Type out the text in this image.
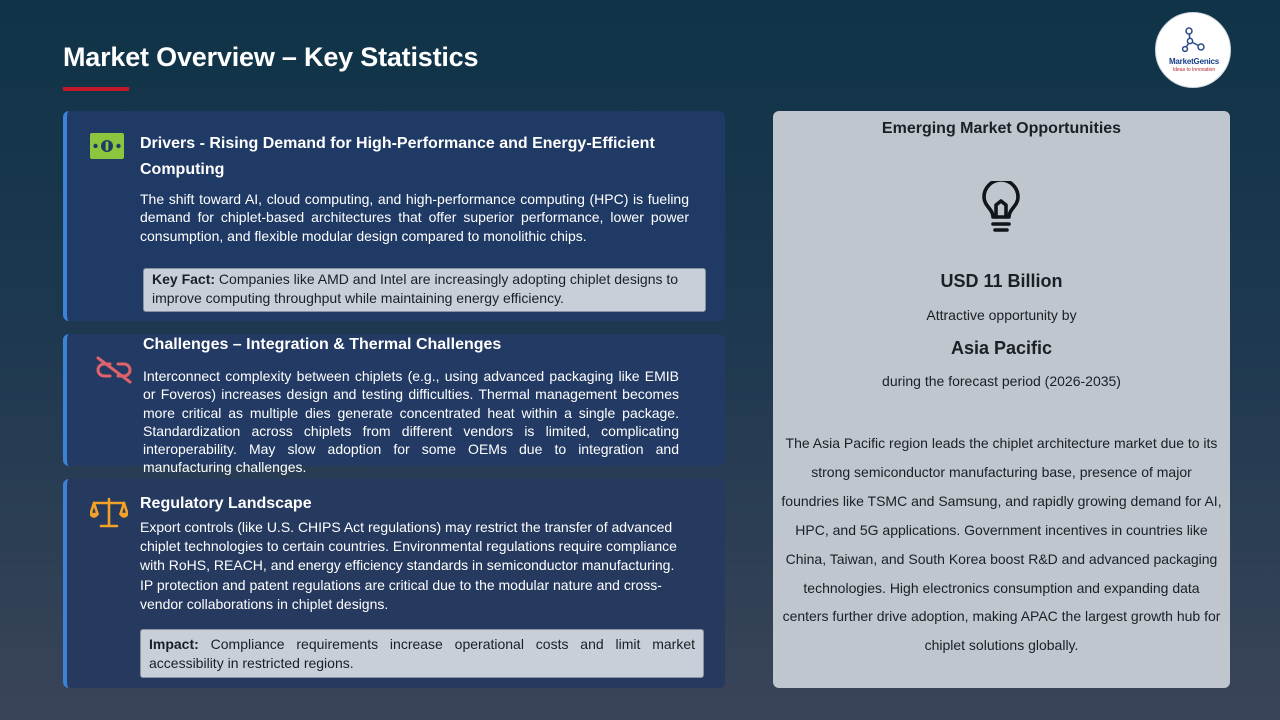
Market Overview – Key Statistics	MarketGenics
Ideas to Innovation
Drivers - Rising Demand for High-Performance and Energy-Efficient
Computing
The shift toward AI, cloud computing, and high-performance computing (HPC) is fueling demand for chiplet-based architectures that offer superior performance, lower power consumption, and flexible modular design compared to monolithic chips.
Key Fact: Companies like AMD and Intel are increasingly adopting chiplet designs to improve computing throughput while maintaining energy efficiency.
Challenges – Integration & Thermal Challenges
Interconnect complexity between chiplets (e.g., using advanced packaging like EMIB or Foveros) increases design and testing difficulties. Thermal management becomes more critical as multiple dies generate concentrated heat within a single package. Standardization across chiplets from different vendors is limited, complicating interoperability. May slow adoption for some OEMs due to integration and manufacturing challenges.
Regulatory Landscape
Export controls (like U.S. CHIPS Act regulations) may restrict the transfer of advanced chiplet technologies to certain countries. Environmental regulations require compliance with RoHS, REACH, and energy efficiency standards in semiconductor manufacturing. IP protection and patent regulations are critical due to the modular nature and cross-vendor collaborations in chiplet designs.
Impact: Compliance requirements increase operational costs and limit market accessibility in restricted regions.
Emerging Market Opportunities
USD 11 Billion
Attractive opportunity by
Asia Pacific
during the forecast period (2026-2035)
The Asia Pacific region leads the chiplet architecture market due to its strong semiconductor manufacturing base, presence of major foundries like TSMC and Samsung, and rapidly growing demand for AI, HPC, and 5G applications. Government incentives in countries like China, Taiwan, and South Korea boost R&D and advanced packaging technologies. High electronics consumption and expanding data centers further drive adoption, making APAC the largest growth hub for chiplet solutions globally.
